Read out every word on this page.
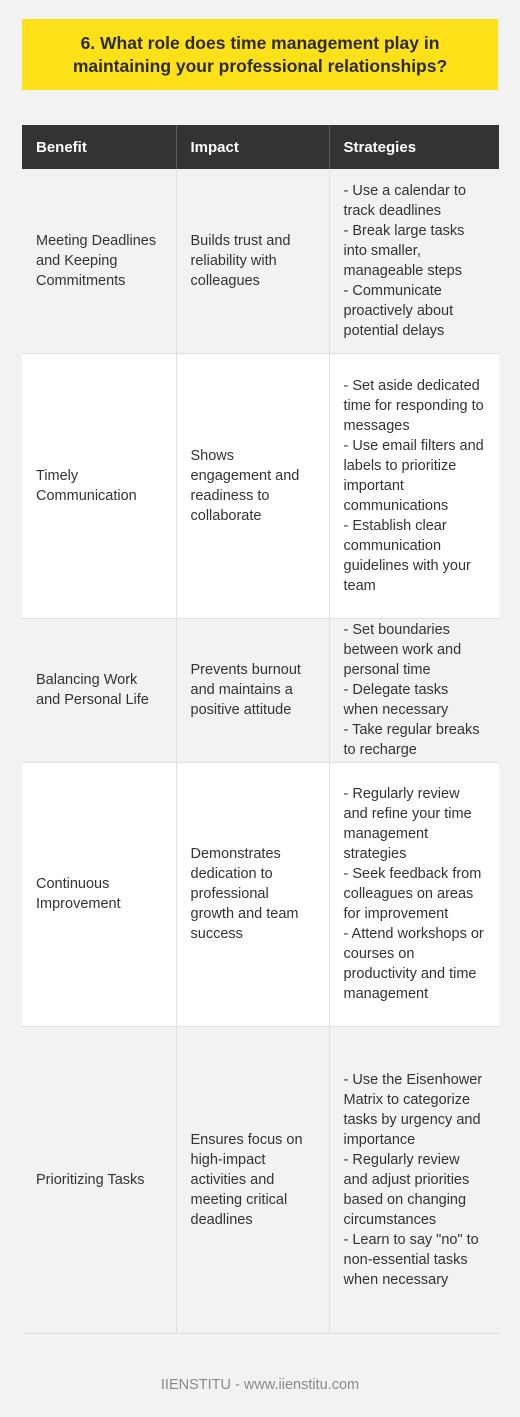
6. What role does time management play in maintaining your professional relationships?
Benefit	Impact	Strategies
Meeting Deadlines and Keeping Commitments	Builds trust and reliability with colleagues	- Use a calendar to track deadlines
- Break large tasks into smaller, manageable steps
- Communicate proactively about potential delays

Timely Communication	Shows engagement and readiness to collaborate	- Set aside dedicated time for responding to messages
- Use email filters and labels to prioritize important communications
- Establish clear communication guidelines with your team

Balancing Work and Personal Life	Prevents burnout and maintains a positive attitude	- Set boundaries between work and personal time
- Delegate tasks when necessary
- Take regular breaks to recharge

Continuous Improvement	Demonstrates dedication to professional growth and team success	- Regularly review and refine your time management strategies
- Seek feedback from colleagues on areas for improvement
- Attend workshops or courses on productivity and time management

Prioritizing Tasks	Ensures focus on high-impact activities and meeting critical deadlines	- Use the Eisenhower Matrix to categorize tasks by urgency and importance
- Regularly review and adjust priorities based on changing circumstances
- Learn to say "no" to non-essential tasks when necessary
IIENSTITU - www.iienstitu.com
